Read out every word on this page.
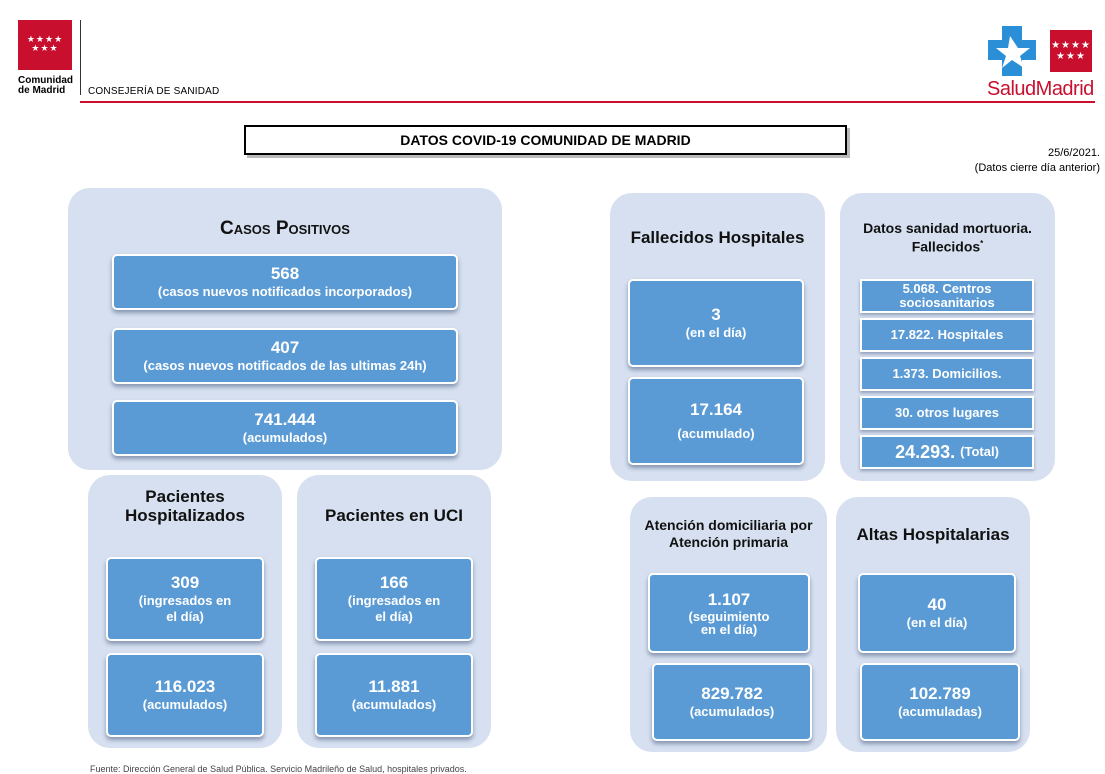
★★★★
★★★
Comunidad
de Madrid	CONSEJERÍA DE SANIDAD
★★★★
★★★
SaludMadrid
DATOS COVID-19 COMUNIDAD DE MADRID
25/6/2021.
(Datos cierre día anterior)
Casos Positivos
568
(casos nuevos notificados incorporados)
407
(casos nuevos notificados de las ultimas 24h)
741.444
(acumulados)
Pacientes
Hospitalizados
309
(ingresados en
el día)
116.023
(acumulados)
Pacientes en UCI
166
(ingresados en
el día)
11.881
(acumulados)
Fallecidos Hospitales
3
(en el día)
17.164
(acumulado)
Datos sanidad mortuoria.
Fallecidos*
5.068. Centros
sociosanitarios
17.822. Hospitales
1.373. Domicilios.
30. otros lugares
24.293. (Total)
Atención domiciliaria por
Atención primaria
1.107
(seguimiento
en el día)
829.782
(acumulados)
Altas Hospitalarias
40
(en el día)
102.789
(acumuladas)
Fuente: Dirección General de Salud Pública. Servicio Madrileño de Salud, hospitales privados.
